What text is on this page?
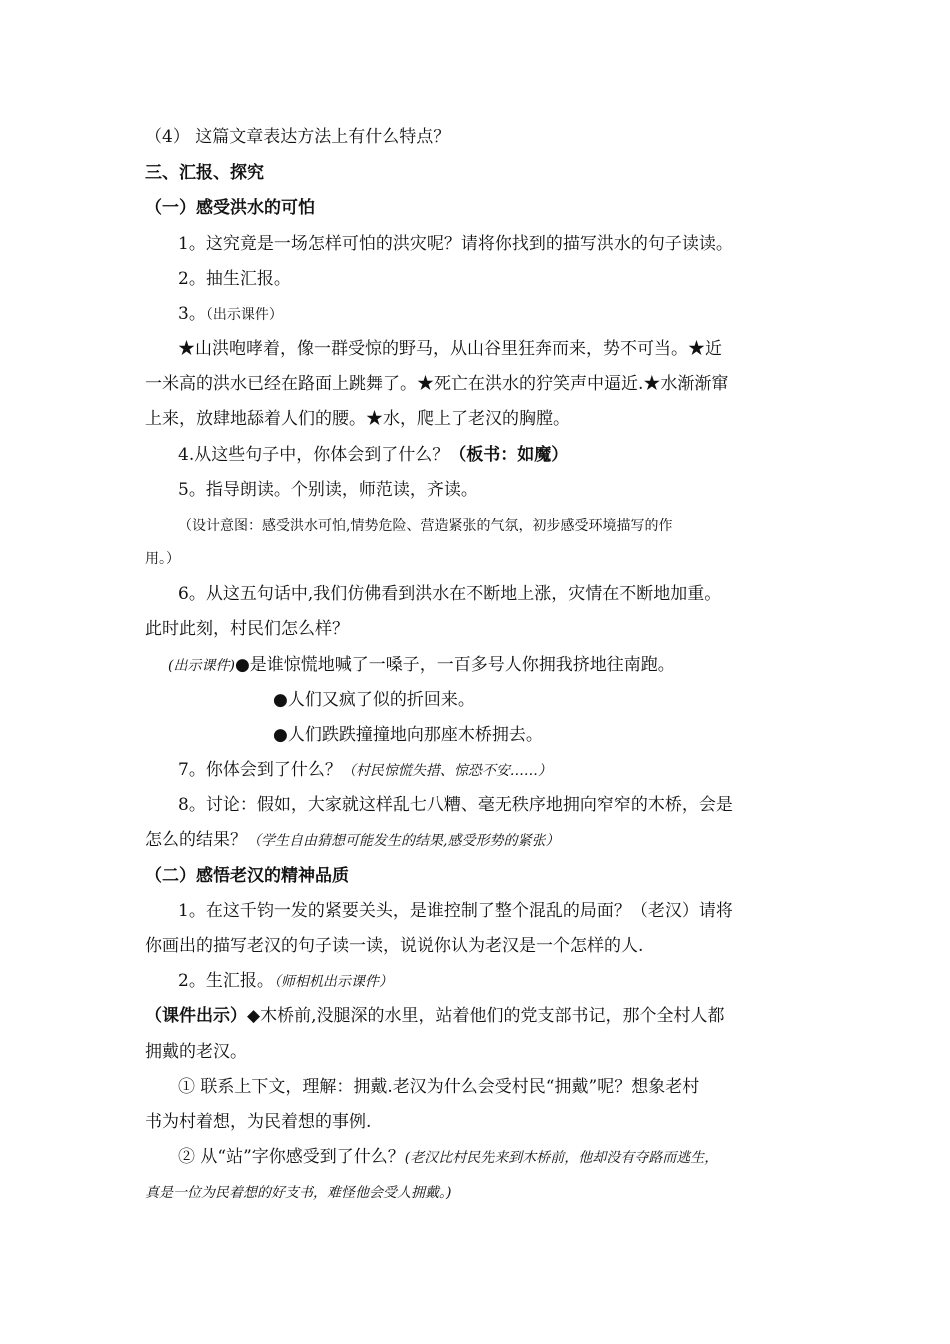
（4） 这篇文章表达方法上有什么特点？
三、汇报、探究
（一）感受洪水的可怕
1。这究竟是一场怎样可怕的洪灾呢？请将你找到的描写洪水的句子读读。
2。抽生汇报。
3。（出示课件）
★山洪咆哮着，像一群受惊的野马，从山谷里狂奔而来，势不可当。★近
一米高的洪水已经在路面上跳舞了。★死亡在洪水的狞笑声中逼近.★水渐渐窜
上来，放肆地舔着人们的腰。★水，爬上了老汉的胸膛。
4.从这些句子中，你体会到了什么？（板书：如魔）
5。指导朗读。个别读，师范读，齐读。
（设计意图：感受洪水可怕,情势危险、营造紧张的气氛，初步感受环境描写的作
用。）
6。从这五句话中,我们仿佛看到洪水在不断地上涨，灾情在不断地加重。
此时此刻，村民们怎么样？
(出示课件)●是谁惊慌地喊了一嗓子，一百多号人你拥我挤地往南跑。
●人们又疯了似的折回来。
●人们跌跌撞撞地向那座木桥拥去。
7。你体会到了什么？（村民惊慌失措、惊恐不安……）
8。讨论：假如，大家就这样乱七八糟、毫无秩序地拥向窄窄的木桥，会是
怎么的结果？（学生自由猜想可能发生的结果,感受形势的紧张）
（二）感悟老汉的精神品质
1。在这千钧一发的紧要关头，是谁控制了整个混乱的局面？（老汉）请将
你画出的描写老汉的句子读一读，说说你认为老汉是一个怎样的人.
2。生汇报。（师相机出示课件）
（课件出示）◆木桥前,没腿深的水里，站着他们的党支部书记，那个全村人都
拥戴的老汉。
① 联系上下文，理解：拥戴.老汉为什么会受村民“拥戴”呢？想象老村
书为村着想，为民着想的事例.
② 从“站”字你感受到了什么？(老汉比村民先来到木桥前，他却没有夺路而逃生，
真是一位为民着想的好支书，难怪他会受人拥戴。)
